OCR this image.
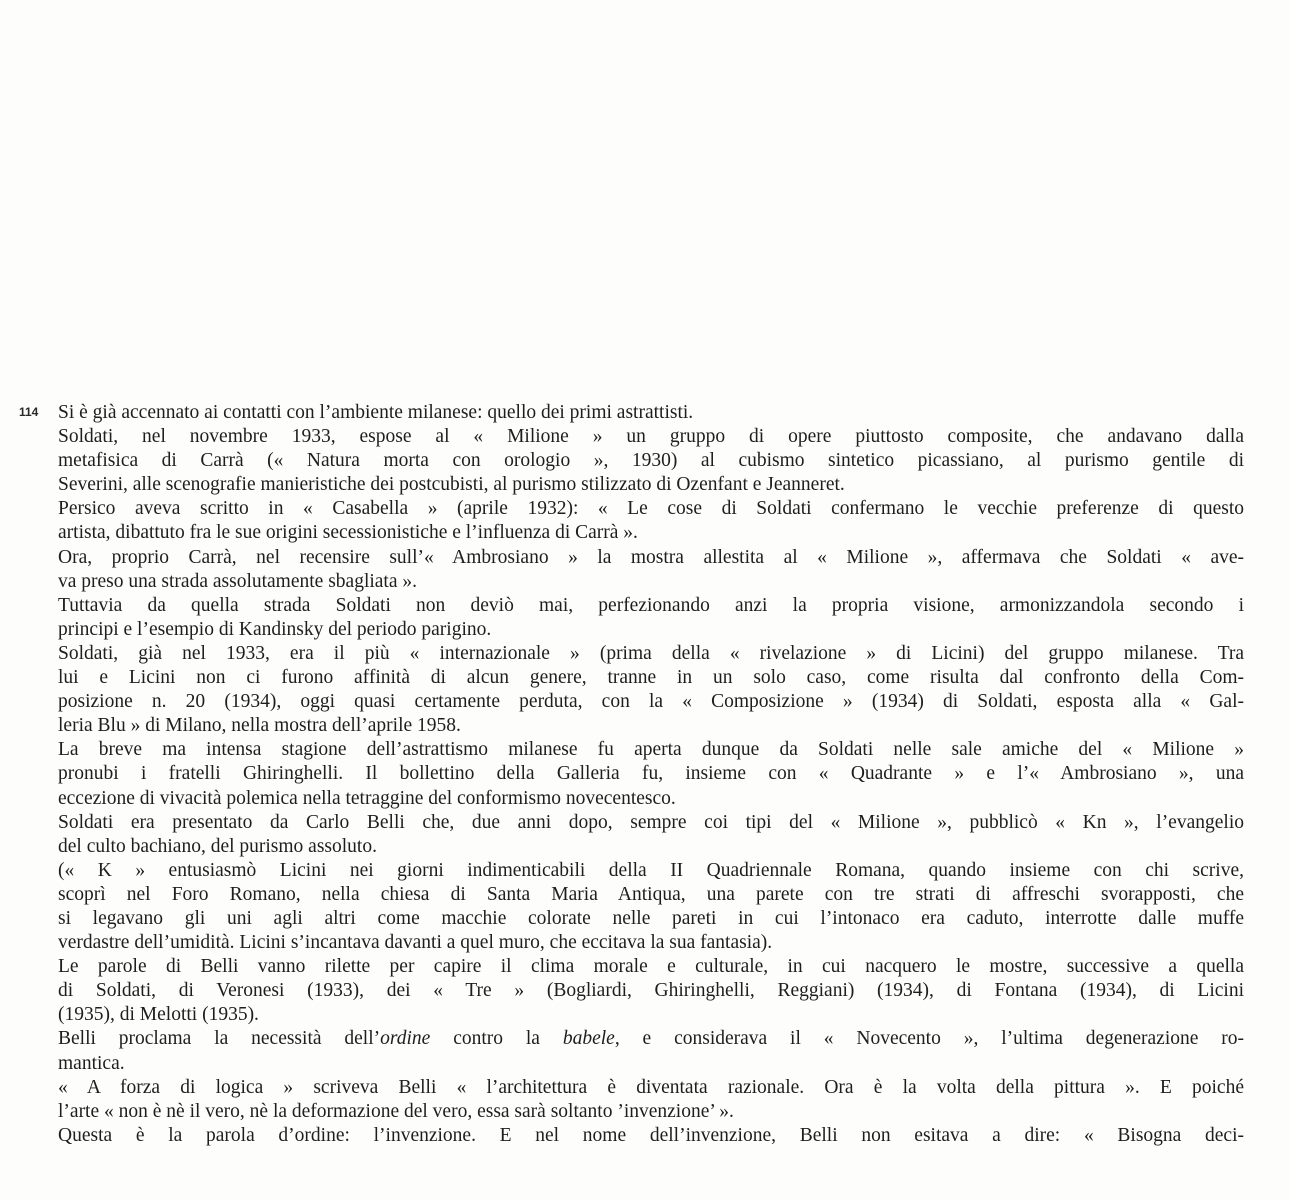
114 Si è già accennato ai contatti con l’ambiente milanese: quello dei primi astrattisti.
Soldati, nel novembre 1933, espose al « Milione » un gruppo di opere piuttosto composite, che andavano dalla
metafisica di Carrà (« Natura morta con orologio », 1930) al cubismo sintetico picassiano, al purismo gentile di
Severini, alle scenografie manieristiche dei postcubisti, al purismo stilizzato di Ozenfant e Jeanneret.
Persico aveva scritto in « Casabella » (aprile 1932): « Le cose di Soldati confermano le vecchie preferenze di questo
artista, dibattuto fra le sue origini secessionistiche e l’influenza di Carrà ».
Ora, proprio Carrà, nel recensire sull’« Ambrosiano » la mostra allestita al « Milione », affermava che Soldati « ave-
va preso una strada assolutamente sbagliata ».
Tuttavia da quella strada Soldati non deviò mai, perfezionando anzi la propria visione, armonizzandola secondo i
principi e l’esempio di Kandinsky del periodo parigino.
Soldati, già nel 1933, era il più « internazionale » (prima della « rivelazione » di Licini) del gruppo milanese. Tra
lui e Licini non ci furono affinità di alcun genere, tranne in un solo caso, come risulta dal confronto della Com-
posizione n. 20 (1934), oggi quasi certamente perduta, con la « Composizione » (1934) di Soldati, esposta alla « Gal-
leria Blu » di Milano, nella mostra dell’aprile 1958.
La breve ma intensa stagione dell’astrattismo milanese fu aperta dunque da Soldati nelle sale amiche del « Milione »
pronubi i fratelli Ghiringhelli. Il bollettino della Galleria fu, insieme con « Quadrante » e l’« Ambrosiano », una
eccezione di vivacità polemica nella tetraggine del conformismo novecentesco.
Soldati era presentato da Carlo Belli che, due anni dopo, sempre coi tipi del « Milione », pubblicò « Kn », l’evangelio
del culto bachiano, del purismo assoluto.
(« K » entusiasmò Licini nei giorni indimenticabili della II Quadriennale Romana, quando insieme con chi scrive,
scoprì nel Foro Romano, nella chiesa di Santa Maria Antiqua, una parete con tre strati di affreschi svorapposti, che
si legavano gli uni agli altri come macchie colorate nelle pareti in cui l’intonaco era caduto, interrotte dalle muffe
verdastre dell’umidità. Licini s’incantava davanti a quel muro, che eccitava la sua fantasia).
Le parole di Belli vanno rilette per capire il clima morale e culturale, in cui nacquero le mostre, successive a quella
di Soldati, di Veronesi (1933), dei « Tre » (Bogliardi, Ghiringhelli, Reggiani) (1934), di Fontana (1934), di Licini
(1935), di Melotti (1935).
Belli proclama la necessità dell’ordine contro la babele, e considerava il « Novecento », l’ultima degenerazione ro-
mantica.
« A forza di logica » scriveva Belli « l’architettura è diventata razionale. Ora è la volta della pittura ». E poiché
l’arte « non è nè il vero, nè la deformazione del vero, essa sarà soltanto ’invenzione’ ».
Questa è la parola d’ordine: l’invenzione. E nel nome dell’invenzione, Belli non esitava a dire: « Bisogna deci-
